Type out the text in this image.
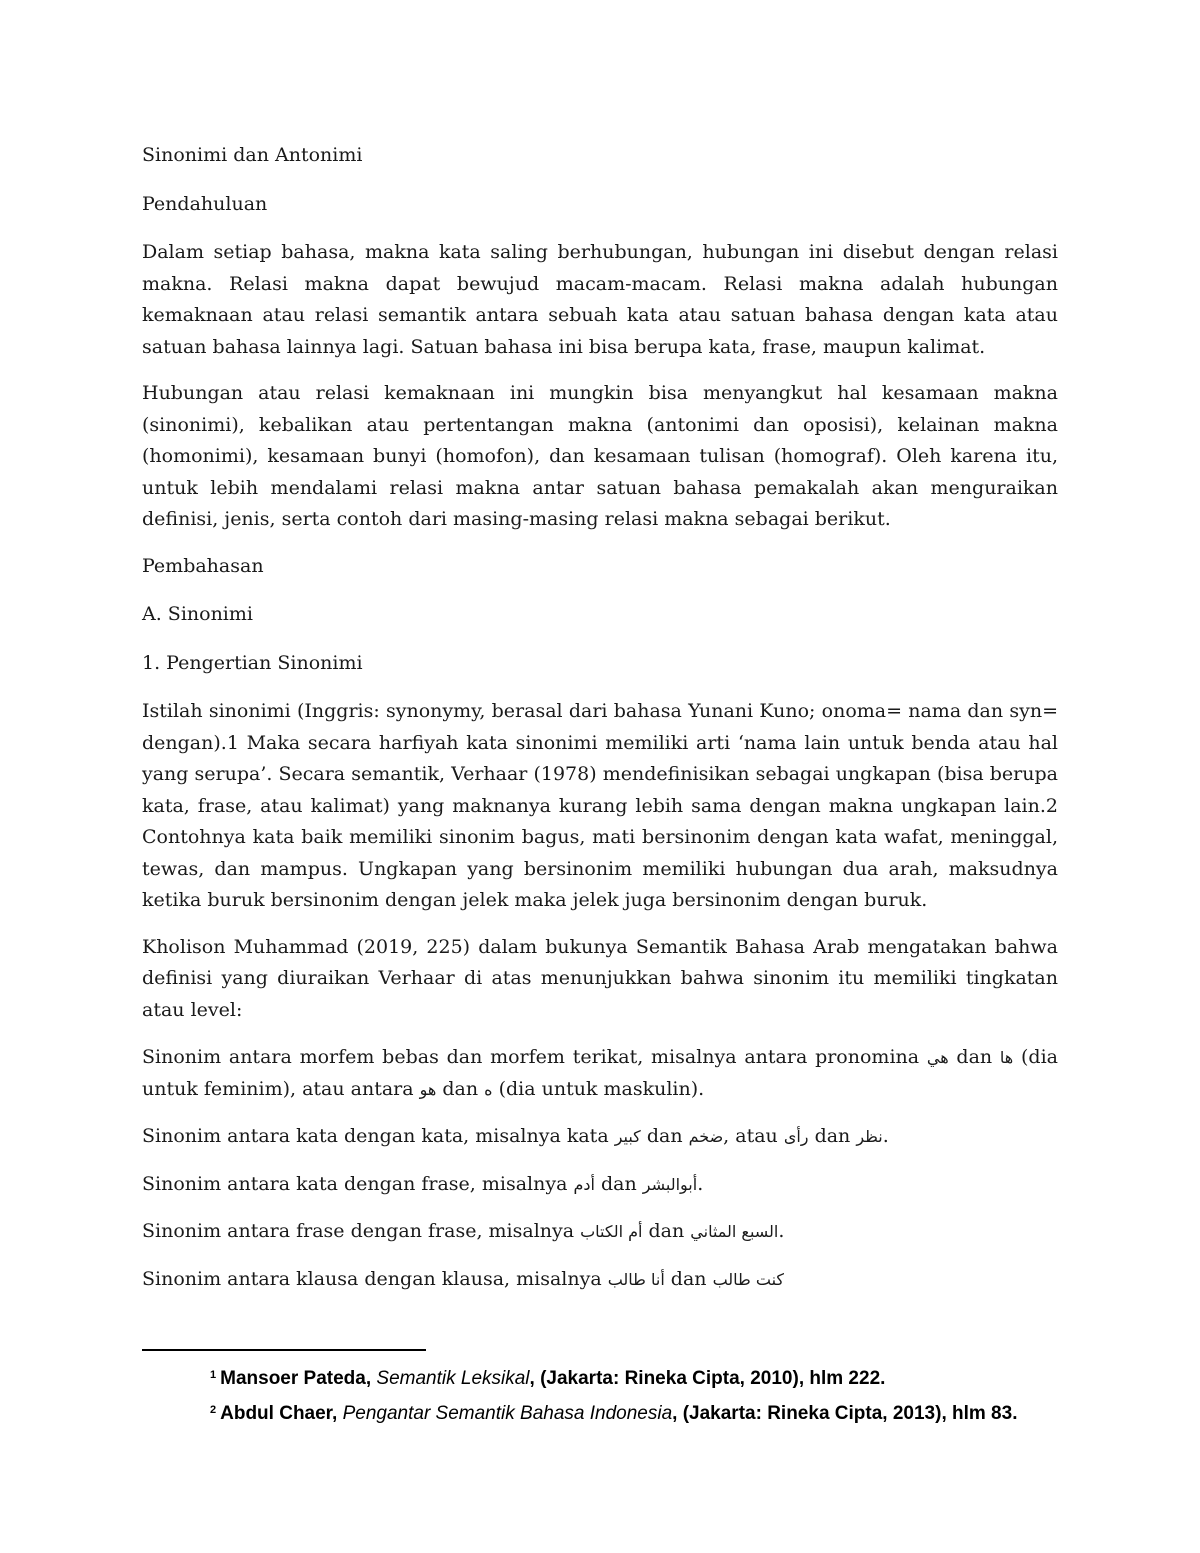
Sinonimi dan Antonimi

Pendahuluan

Dalam setiap bahasa, makna kata saling berhubungan, hubungan ini disebut dengan relasi makna. Relasi makna dapat bewujud macam-macam. Relasi makna adalah hubungan kemaknaan atau relasi semantik antara sebuah kata atau satuan bahasa dengan kata atau satuan bahasa lainnya lagi. Satuan bahasa ini bisa berupa kata, frase, maupun kalimat.

Hubungan atau relasi kemaknaan ini mungkin bisa menyangkut hal kesamaan makna (sinonimi), kebalikan atau pertentangan makna (antonimi dan oposisi), kelainan makna (homonimi), kesamaan bunyi (homofon), dan kesamaan tulisan (homograf). Oleh karena itu, untuk lebih mendalami relasi makna antar satuan bahasa pemakalah akan menguraikan definisi, jenis, serta contoh dari masing-masing relasi makna sebagai berikut.

Pembahasan

A. Sinonimi

1. Pengertian Sinonimi

Istilah sinonimi (Inggris: synonymy, berasal dari bahasa Yunani Kuno; onoma= nama dan syn= dengan).1 Maka secara harfiyah kata sinonimi memiliki arti ‘nama lain untuk benda atau hal yang serupa’. Secara semantik, Verhaar (1978) mendefinisikan sebagai ungkapan (bisa berupa kata, frase, atau kalimat) yang maknanya kurang lebih sama dengan makna ungkapan lain.2 Contohnya kata baik memiliki sinonim bagus, mati bersinonim dengan kata wafat, meninggal, tewas, dan mampus. Ungkapan yang bersinonim memiliki hubungan dua arah, maksudnya ketika buruk bersinonim dengan jelek maka jelek juga bersinonim dengan buruk.

Kholison Muhammad (2019, 225) dalam bukunya Semantik Bahasa Arab mengatakan bahwa definisi yang diuraikan Verhaar di atas menunjukkan bahwa sinonim itu memiliki tingkatan atau level:

Sinonim antara morfem bebas dan morfem terikat, misalnya antara pronomina هي dan ها (dia untuk feminim), atau antara هو dan ه (dia untuk maskulin).

Sinonim antara kata dengan kata, misalnya kata كبير dan ضخم, atau رأى dan نظر.

Sinonim antara kata dengan frase, misalnya أدم dan أبوالبشر.

Sinonim antara frase dengan frase, misalnya أم الكتاب dan السبع المثاني.

Sinonim antara klausa dengan klausa, misalnya أنا طالب dan كنت طالب

$^1$ Mansoer Pateda, Semantik Leksikal, (Jakarta: Rineka Cipta, 2010), hlm 222.

$^2$ Abdul Chaer, Pengantar Semantik Bahasa Indonesia, (Jakarta: Rineka Cipta, 2013), hlm 83.
